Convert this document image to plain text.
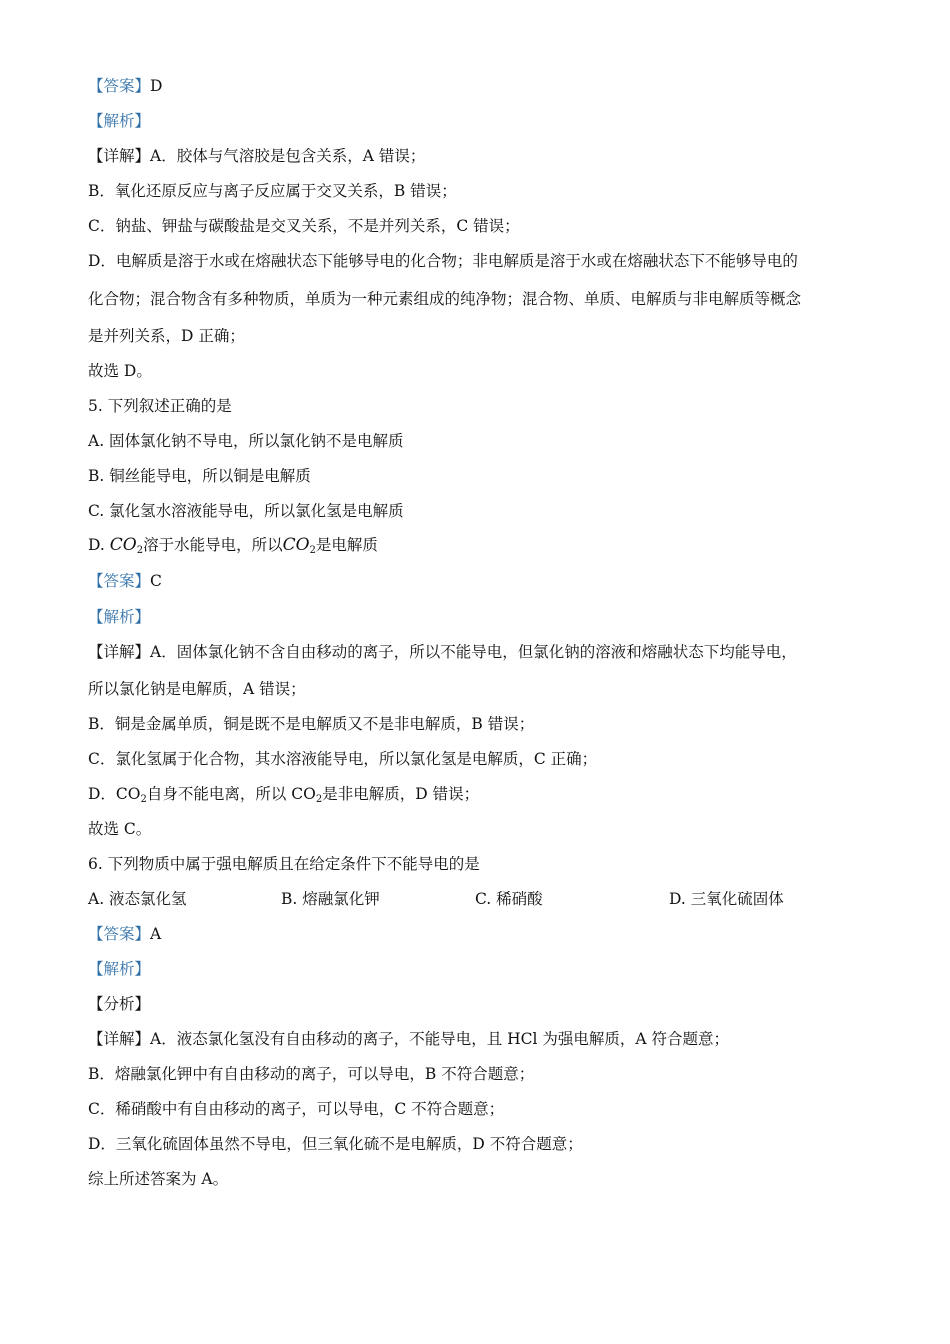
【答案】D
【解析】
【详解】A．胶体与气溶胶是包含关系，A 错误；
B．氧化还原反应与离子反应属于交叉关系，B 错误；
C．钠盐、钾盐与碳酸盐是交叉关系，不是并列关系，C 错误；
D．电解质是溶于水或在熔融状态下能够导电的化合物；非电解质是溶于水或在熔融状态下不能够导电的
化合物；混合物含有多种物质，单质为一种元素组成的纯净物；混合物、单质、电解质与非电解质等概念
是并列关系，D 正确；
故选 D。
5. 下列叙述正确的是
A. 固体氯化钠不导电，所以氯化钠不是电解质
B. 铜丝能导电，所以铜是电解质
C. 氯化氢水溶液能导电，所以氯化氢是电解质
D. $CO_2$溶于水能导电，所以$CO_2$是电解质
【答案】C
【解析】
【详解】A．固体氯化钠不含自由移动的离子，所以不能导电，但氯化钠的溶液和熔融状态下均能导电，
所以氯化钠是电解质，A 错误；
B．铜是金属单质，铜是既不是电解质又不是非电解质，B 错误；
C．氯化氢属于化合物，其水溶液能导电，所以氯化氢是电解质，C 正确；
D．$CO_2$自身不能电离，所以 $CO_2$是非电解质，D 错误；
故选 C。
6. 下列物质中属于强电解质且在给定条件下不能导电的是
A. 液态氯化氢	B. 熔融氯化钾	C. 稀硝酸	D. 三氧化硫固体
【答案】A
【解析】
【分析】
【详解】A．液态氯化氢没有自由移动的离子，不能导电，且 HCl 为强电解质，A 符合题意；
B．熔融氯化钾中有自由移动的离子，可以导电，B 不符合题意；
C．稀硝酸中有自由移动的离子，可以导电，C 不符合题意；
D．三氧化硫固体虽然不导电，但三氧化硫不是电解质，D 不符合题意；
综上所述答案为 A。
